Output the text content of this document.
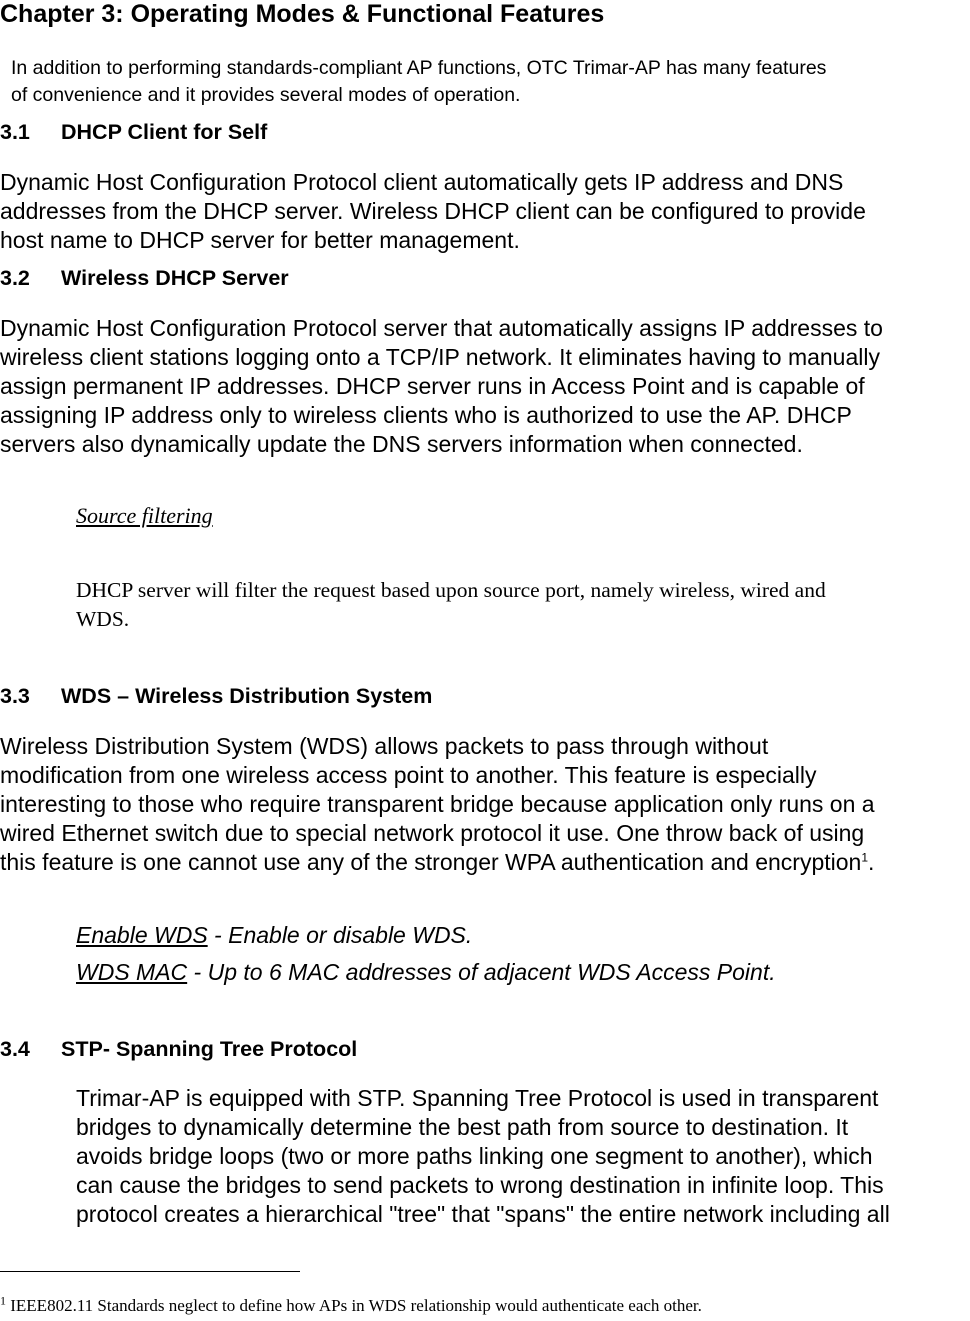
Chapter 3: Operating Modes & Functional Features
In addition to performing standards-compliant AP functions, OTC Trimar-AP has many features
of convenience and it provides several modes of operation.
3.1 DHCP Client for Self
Dynamic Host Configuration Protocol client automatically gets IP address and DNS
addresses from the DHCP server. Wireless DHCP client can be configured to provide
host name to DHCP server for better management.
3.2 Wireless DHCP Server
Dynamic Host Configuration Protocol server that automatically assigns IP addresses to
wireless client stations logging onto a TCP/IP network. It eliminates having to manually
assign permanent IP addresses. DHCP server runs in Access Point and is capable of
assigning IP address only to wireless clients who is authorized to use the AP. DHCP
servers also dynamically update the DNS servers information when connected.
Source filtering
DHCP server will filter the request based upon source port, namely wireless, wired and
WDS.
3.3 WDS – Wireless Distribution System
Wireless Distribution System (WDS) allows packets to pass through without
modification from one wireless access point to another. This feature is especially
interesting to those who require transparent bridge because application only runs on a
wired Ethernet switch due to special network protocol it use. One throw back of using
this feature is one cannot use any of the stronger WPA authentication and encryption$^1$.
Enable WDS - Enable or disable WDS.
WDS MAC - Up to 6 MAC addresses of adjacent WDS Access Point.
3.4 STP- Spanning Tree Protocol
Trimar-AP is equipped with STP. Spanning Tree Protocol is used in transparent
bridges to dynamically determine the best path from source to destination. It
avoids bridge loops (two or more paths linking one segment to another), which
can cause the bridges to send packets to wrong destination in infinite loop. This
protocol creates a hierarchical "tree" that "spans" the entire network including all
$^1$ IEEE802.11 Standards neglect to define how APs in WDS relationship would authenticate each other.
